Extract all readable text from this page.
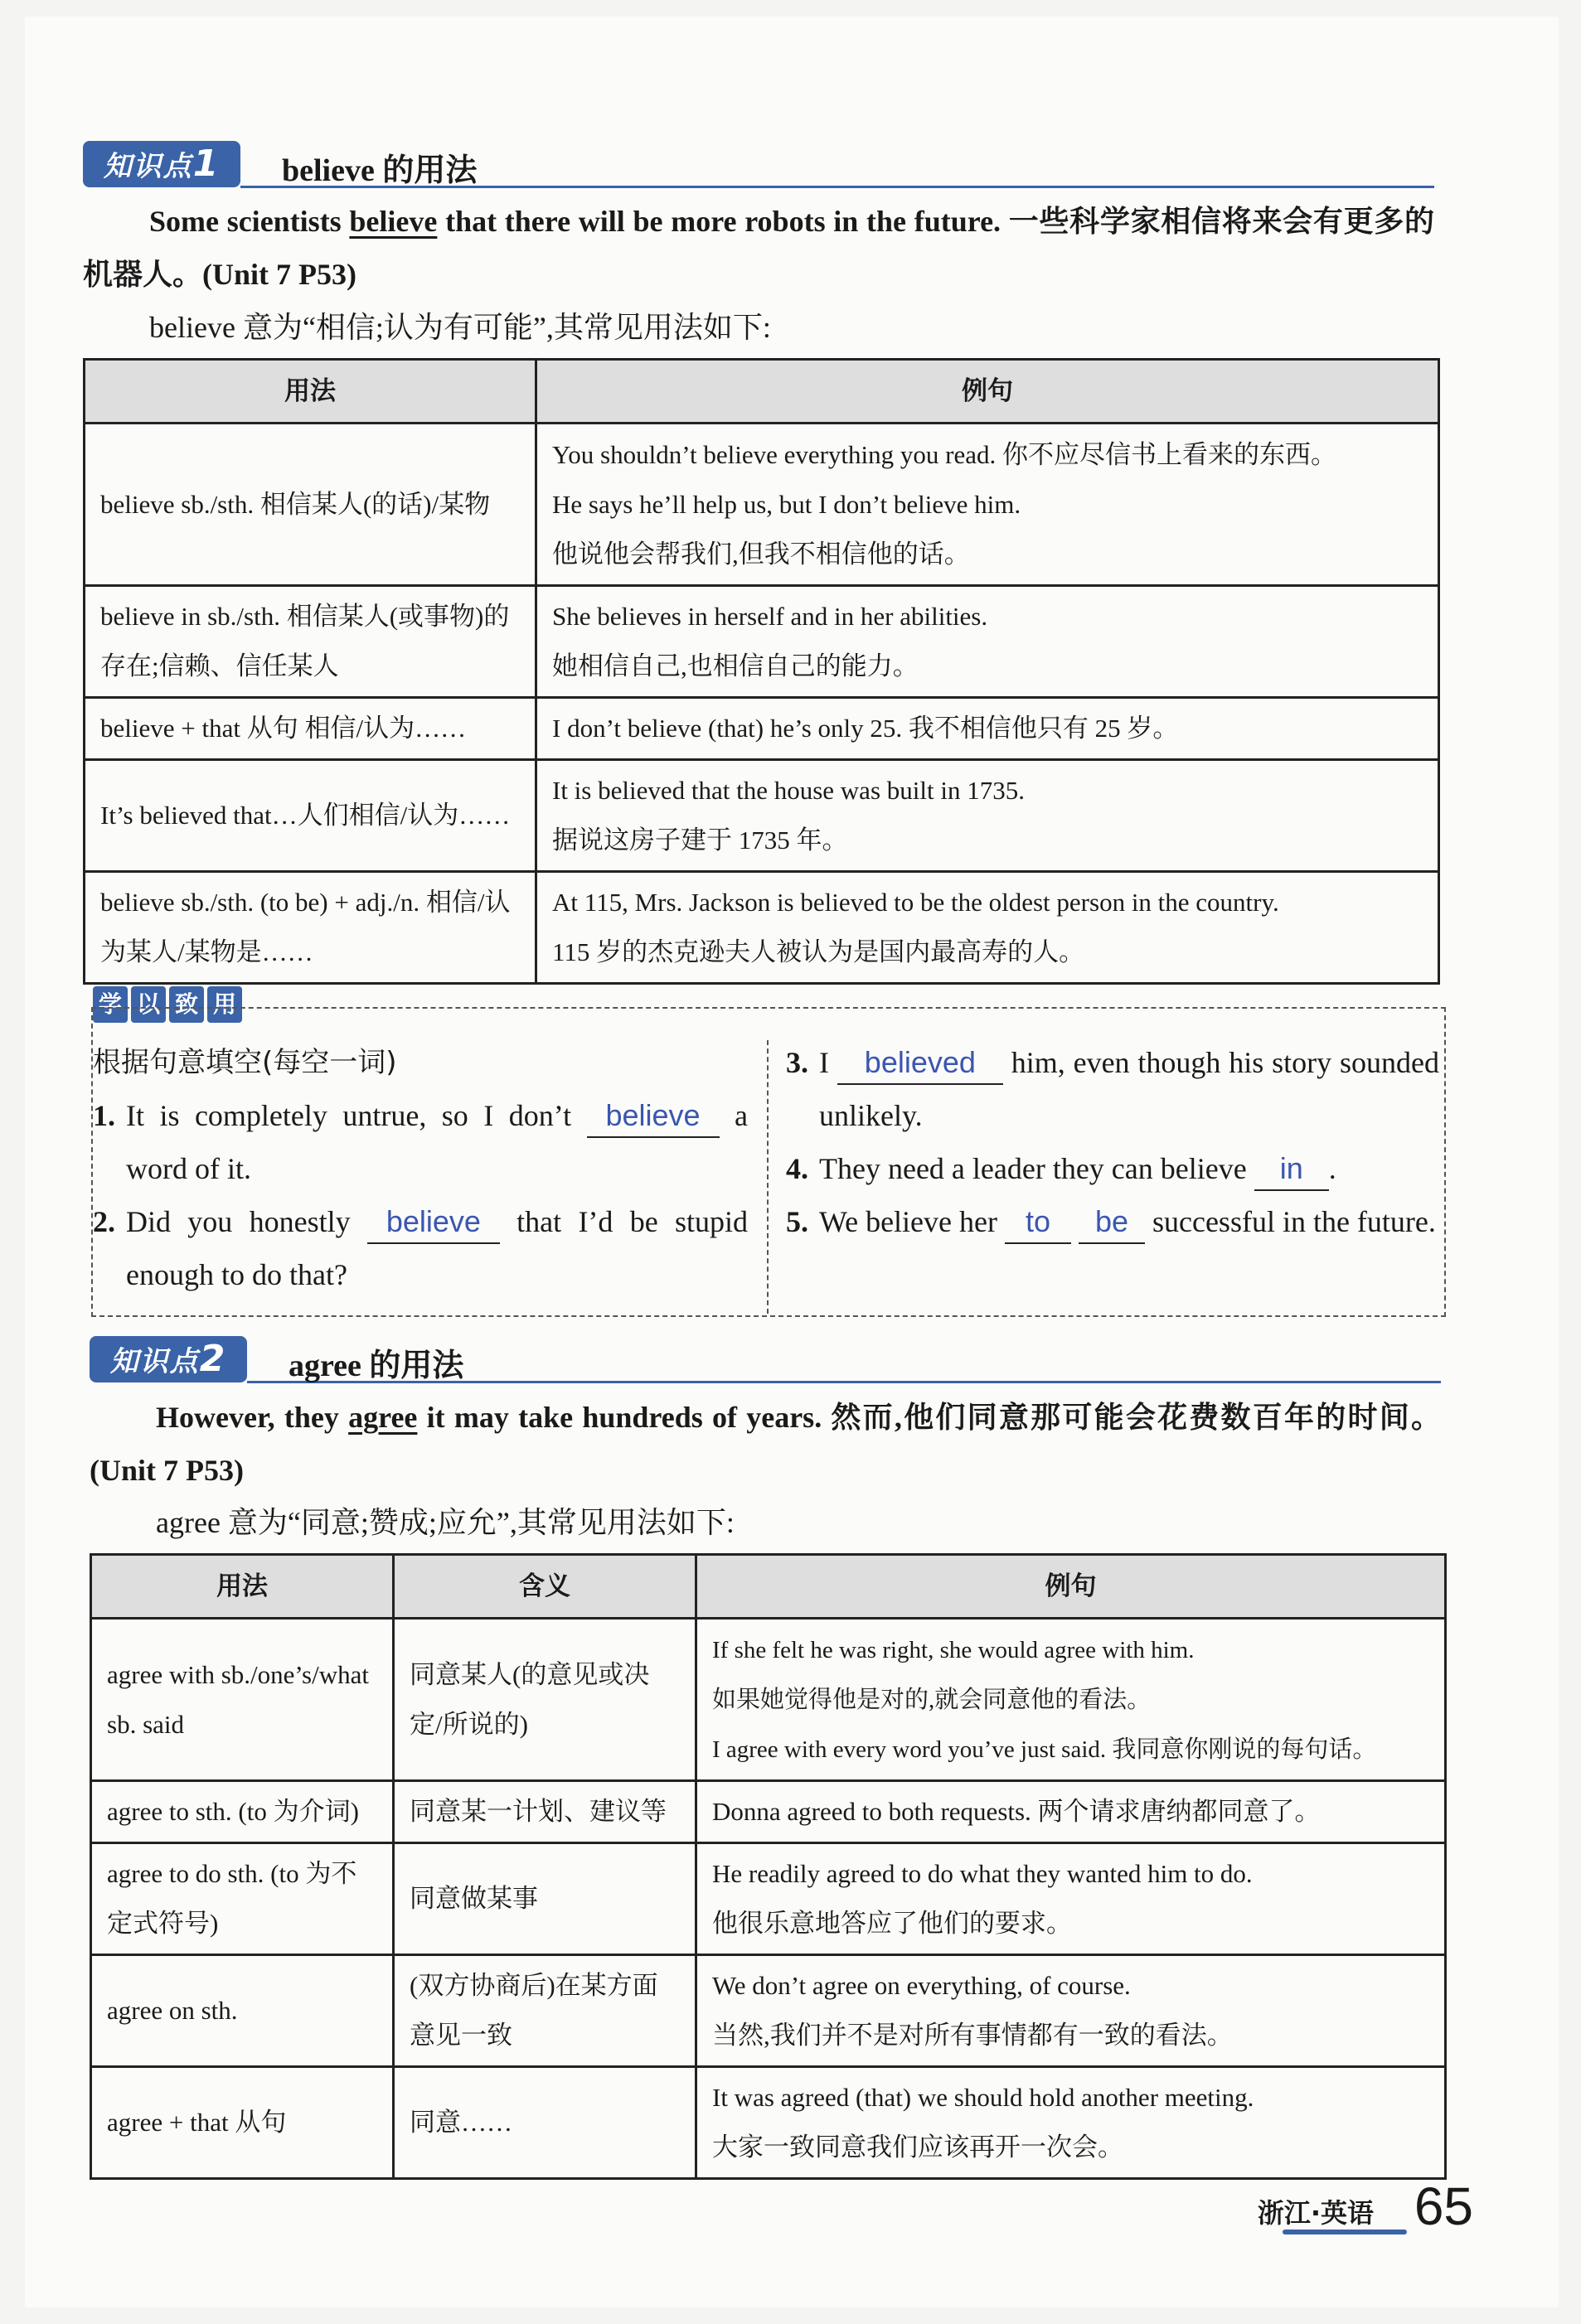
知识点1	believe 的用法
Some scientists believe that there will be more robots in the future. 一些科学家相信将来会有更多的机器人。(Unit 7 P53)
believe 意为“相信;认为有可能”,其常见用法如下:
用法	例句
believe sb./sth. 相信某人(的话)/某物	You shouldn’t believe everything you read. 你不应尽信书上看来的东西。
He says he’ll help us, but I don’t believe him.
他说他会帮我们,但我不相信他的话。

believe in sb./sth. 相信某人(或事物)的存在;信赖、信任某人	She believes in herself and in her abilities.
她相信自己,也相信自己的能力。

believe + that 从句 相信/认为……	I don’t believe (that) he’s only 25. 我不相信他只有 25 岁。

It’s believed that…人们相信/认为……	It is believed that the house was built in 1735.
据说这房子建于 1735 年。

believe sb./sth. (to be) + adj./n. 相信/认为某人/某物是……	At 115, Mrs. Jackson is believed to be the oldest person in the country.
115 岁的杰克逊夫人被认为是国内最高寿的人。
学 以 致 用
根据句意填空(每空一词)
1. It is completely untrue, so I don’t believe a word of it.
2. Did you honestly believe that I’d be stupid enough to do that?
3. I believed him, even though his story sounded unlikely.
4. They need a leader they can believe in .
5. We believe her to be successful in the future.
知识点2	agree 的用法
However, they agree it may take hundreds of years. 然而,他们同意那可能会花费数百年的时间。(Unit 7 P53)
agree 意为“同意;赞成;应允”,其常见用法如下:
用法	含义	例句
agree with sb./one’s/what sb. said	同意某人(的意见或决定/所说的)	If she felt he was right, she would agree with him.
如果她觉得他是对的,就会同意他的看法。
I agree with every word you’ve just said. 我同意你刚说的每句话。

agree to sth. (to 为介词)	同意某一计划、建议等	Donna agreed to both requests. 两个请求唐纳都同意了。

agree to do sth. (to 为不定式符号)	同意做某事	He readily agreed to do what they wanted him to do.
他很乐意地答应了他们的要求。

agree on sth.	(双方协商后)在某方面意见一致	We don’t agree on everything, of course.
当然,我们并不是对所有事情都有一致的看法。

agree + that 从句	同意……	It was agreed (that) we should hold another meeting.
大家一致同意我们应该再开一次会。
浙江·英语 65
